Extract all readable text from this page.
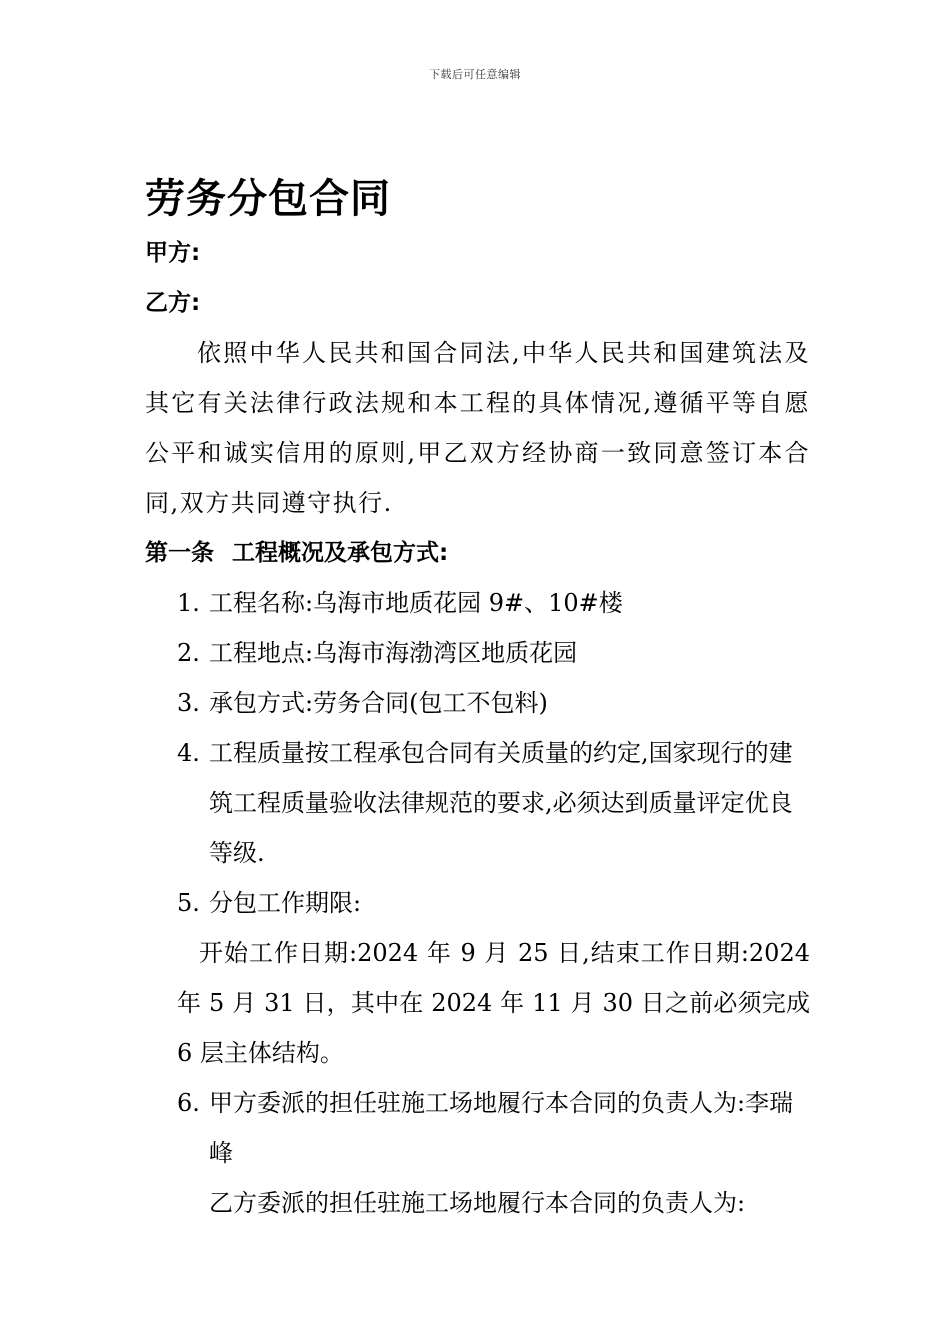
下载后可任意编辑
劳务分包合同
甲方:
乙方:
依照中华人民共和国合同法,中华人民共和国建筑法及其它有关法律行政法规和本工程的具体情况,遵循平等自愿公平和诚实信用的原则,甲乙双方经协商一致同意签订本合同,双方共同遵守执行.
第一条 工程概况及承包方式:
1. 工程名称:乌海市地质花园 9#、10#楼
2. 工程地点:乌海市海渤湾区地质花园
3. 承包方式:劳务合同(包工不包料)
4. 工程质量按工程承包合同有关质量的约定,国家现行的建筑工程质量验收法律规范的要求,必须达到质量评定优良等级.
5. 分包工作期限:
开始工作日期:2024 年 9 月 25 日,结束工作日期:2024 年 5 月 31 日，其中在 2024 年 11 月 30 日之前必须完成 6 层主体结构。
6. 甲方委派的担任驻施工场地履行本合同的负责人为:李瑞峰
乙方委派的担任驻施工场地履行本合同的负责人为:
